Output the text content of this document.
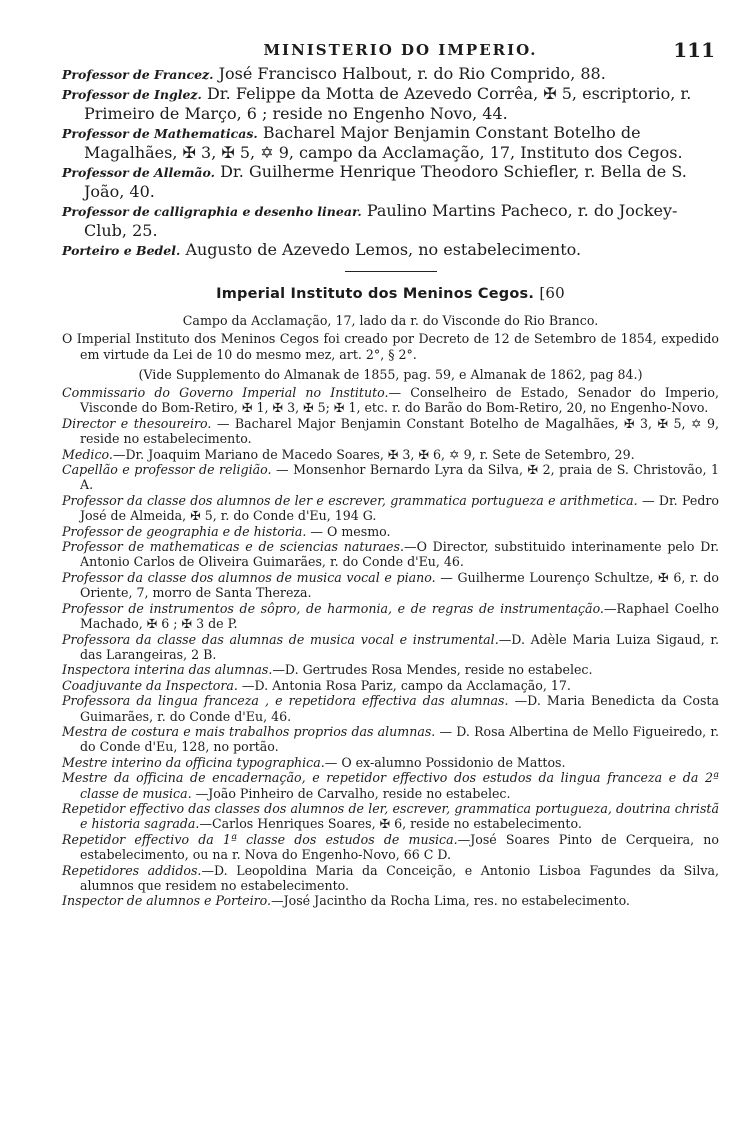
MINISTERIO DO IMPERIO.	111

Professor de Francez. José Francisco Halbout, r. do Rio Comprido, 88.

Professor de Inglez. Dr. Felippe da Motta de Azevedo Corrêa, ✠ 5, escriptorio, r. Primeiro de Março, 6 ; reside no Engenho Novo, 44.

Professor de Mathematicas. Bacharel Major Benjamin Constant Botelho de Magalhães, ✠ 3, ✠ 5, ✡ 9, campo da Acclamação, 17, Instituto dos Cegos.

Professor de Allemão. Dr. Guilherme Henrique Theodoro Schiefler, r. Bella de S. João, 40.

Professor de calligraphia e desenho linear. Paulino Martins Pacheco, r. do Jockey-Club, 25.

Porteiro e Bedel. Augusto de Azevedo Lemos, no estabelecimento.

Imperial Instituto dos Meninos Cegos. [60

Campo da Acclamação, 17, lado da r. do Visconde do Rio Branco.

O Imperial Instituto dos Meninos Cegos foi creado por Decreto de 12 de Setembro de 1854, expedido em virtude da Lei de 10 do mesmo mez, art. 2°, § 2°.

(Vide Supplemento do Almanak de 1855, pag. 59, e Almanak de 1862, pag 84.)

Commissario do Governo Imperial no Instituto.— Conselheiro de Estado, Senador do Imperio, Visconde do Bom-Retiro, ✠ 1, ✠ 3, ✠ 5; ✠ 1, etc. r. do Barão do Bom-Retiro, 20, no Engenho-Novo.

Director e thesoureiro. — Bacharel Major Benjamin Constant Botelho de Magalhães, ✠ 3, ✠ 5, ✡ 9, reside no estabelecimento.

Medico.—Dr. Joaquim Mariano de Macedo Soares, ✠ 3, ✠ 6, ✡ 9, r. Sete de Setembro, 29.

Capellão e professor de religião. — Monsenhor Bernardo Lyra da Silva, ✠ 2, praia de S. Christovão, 1 A.

Professor da classe dos alumnos de ler e escrever, grammatica portugueza e arithmetica. — Dr. Pedro José de Almeida, ✠ 5, r. do Conde d'Eu, 194 G.

Professor de geographia e de historia. — O mesmo.

Professor de mathematicas e de sciencias naturaes.—O Director, substituido interinamente pelo Dr. Antonio Carlos de Oliveira Guimarães, r. do Conde d'Eu, 46.

Professor da classe dos alumnos de musica vocal e piano. — Guilherme Lourenço Schultze, ✠ 6, r. do Oriente, 7, morro de Santa Thereza.

Professor de instrumentos de sôpro, de harmonia, e de regras de instrumentação.—Raphael Coelho Machado, ✠ 6 ; ✠ 3 de P.

Professora da classe das alumnas de musica vocal e instrumental.—D. Adèle Maria Luiza Sigaud, r. das Larangeiras, 2 B.

Inspectora interina das alumnas.—D. Gertrudes Rosa Mendes, reside no estabelec.

Coadjuvante da Inspectora. —D. Antonia Rosa Pariz, campo da Acclamação, 17.

Professora da lingua franceza , e repetidora effectiva das alumnas. —D. Maria Benedicta da Costa Guimarães, r. do Conde d'Eu, 46.

Mestra de costura e mais trabalhos proprios das alumnas. — D. Rosa Albertina de Mello Figueiredo, r. do Conde d'Eu, 128, no portão.

Mestre interino da officina typographica.— O ex-alumno Possidonio de Mattos.

Mestre da officina de encadernação, e repetidor effectivo dos estudos da lingua franceza e da 2ª classe de musica. —João Pinheiro de Carvalho, reside no estabelec.

Repetidor effectivo das classes dos alumnos de ler, escrever, grammatica portugueza, doutrina christã e historia sagrada.—Carlos Henriques Soares, ✠ 6, reside no estabelecimento.

Repetidor effectivo da 1ª classe dos estudos de musica.—José Soares Pinto de Cerqueira, no estabelecimento, ou na r. Nova do Engenho-Novo, 66 C D.

Repetidores addidos.—D. Leopoldina Maria da Conceição, e Antonio Lisboa Fagundes da Silva, alumnos que residem no estabelecimento.

Inspector de alumnos e Porteiro.—José Jacintho da Rocha Lima, res. no estabelecimento.
